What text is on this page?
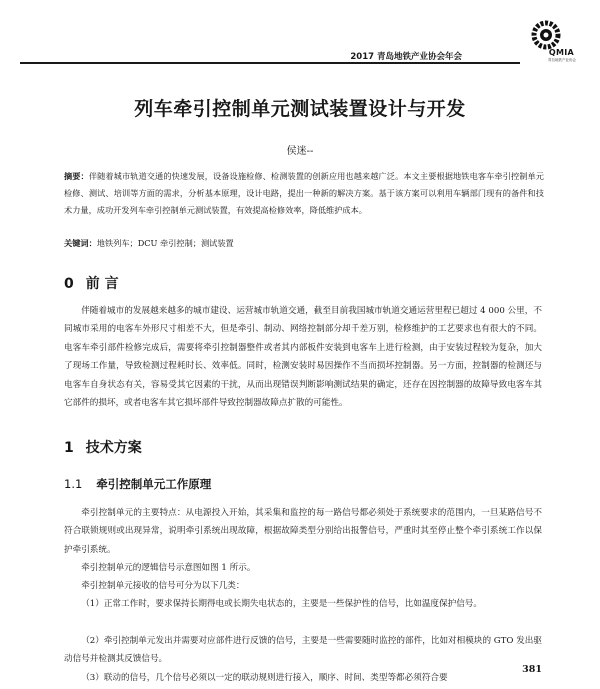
2017 青岛地铁产业协会年会	QMIA
青岛地铁产业协会
列车牵引控制单元测试装置设计与开发
侯迷--
摘要：伴随着城市轨道交通的快速发展，设备设施检修、检测装置的创新应用也越来越广泛。本文主要根据地铁电客车牵引控制单元检修、测试、培训等方面的需求，分析基本原理，设计电路，提出一种新的解决方案。基于该方案可以利用车辆部门现有的备件和技术力量，成功开发列车牵引控制单元测试装置，有效提高检修效率，降低维护成本。
关键词：地铁列车；DCU 牵引控制；测试装置
0 前 言
伴随着城市的发展越来越多的城市建设、运营城市轨道交通，截至目前我国城市轨道交通运营里程已超过 4 000 公里，不同城市采用的电客车外形尺寸相差不大，但是牵引、制动、网络控制部分却千差万别，检修维护的工艺要求也有很大的不同。电客车牵引部件检修完成后，需要将牵引控制器整件或者其内部板件安装到电客车上进行检测，由于安装过程较为复杂，加大了现场工作量，导致检测过程耗时长、效率低。同时，检测安装时易因操作不当而损坏控制器。另一方面，控制器的检测还与电客车自身状态有关，容易受其它因素的干扰，从而出现错误判断影响测试结果的确定，还存在因控制器的故障导致电客车其它部件的损坏，或者电客车其它损坏部件导致控制器故障点扩散的可能性。
1 技术方案
1.1 牵引控制单元工作原理
牵引控制单元的主要特点：从电源投入开始，其采集和监控的每一路信号都必须处于系统要求的范围内，一旦某路信号不符合联锁规则或出现异常，说明牵引系统出现故障，根据故障类型分别给出报警信号，严重时其至停止整个牵引系统工作以保护牵引系统。
牵引控制单元的逻辑信号示意图如图 1 所示。
牵引控制单元接收的信号可分为以下几类：
（1）正常工作时，要求保持长期得电或长期失电状态的，主要是一些保护性的信号，比如温度保护信号。
（2）牵引控制单元发出并需要对应部件进行反馈的信号，主要是一些需要随时监控的部件，比如对相模块的 GTO 发出驱动信号并检测其反馈信号。
（3）联动的信号，几个信号必须以一定的联动规则进行接入，顺序、时间、类型等都必须符合要
381
